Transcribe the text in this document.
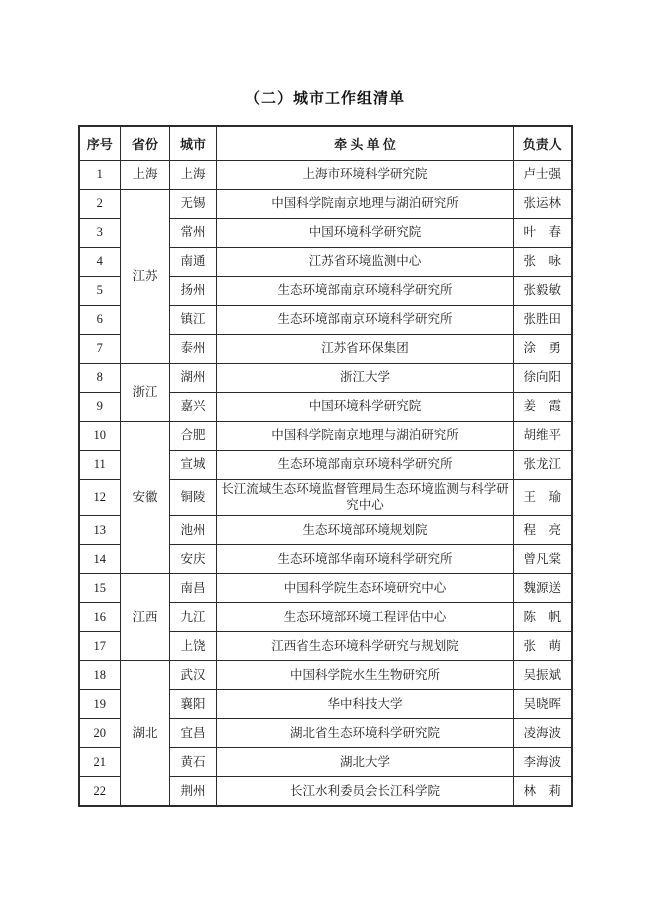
（二）城市工作组清单
序号	省份	城市	牵 头 单 位	负责人
1	上海	上海	上海市环境科学研究院	卢士强
2	江苏	无锡	中国科学院南京地理与湖泊研究所	张运林
3		常州	中国环境科学研究院	叶　春
4		南通	江苏省环境监测中心	张　咏
5		扬州	生态环境部南京环境科学研究所	张毅敏
6		镇江	生态环境部南京环境科学研究所	张胜田
7		泰州	江苏省环保集团	涂　勇
8	浙江	湖州	浙江大学	徐向阳
9		嘉兴	中国环境科学研究院	姜　霞
10	安徽	合肥	中国科学院南京地理与湖泊研究所	胡维平
11		宣城	生态环境部南京环境科学研究所	张龙江
12		铜陵	长江流域生态环境监督管理局生态环境监测与科学研究中心	王　瑜
13		池州	生态环境部环境规划院	程　亮
14		安庆	生态环境部华南环境科学研究所	曾凡棠
15	江西	南昌	中国科学院生态环境研究中心	魏源送
16		九江	生态环境部环境工程评估中心	陈　帆
17		上饶	江西省生态环境科学研究与规划院	张　萌
18	湖北	武汉	中国科学院水生生物研究所	吴振斌
19		襄阳	华中科技大学	吴晓晖
20		宜昌	湖北省生态环境科学研究院	凌海波
21		黄石	湖北大学	李海波
22		荆州	长江水利委员会长江科学院	林　莉
